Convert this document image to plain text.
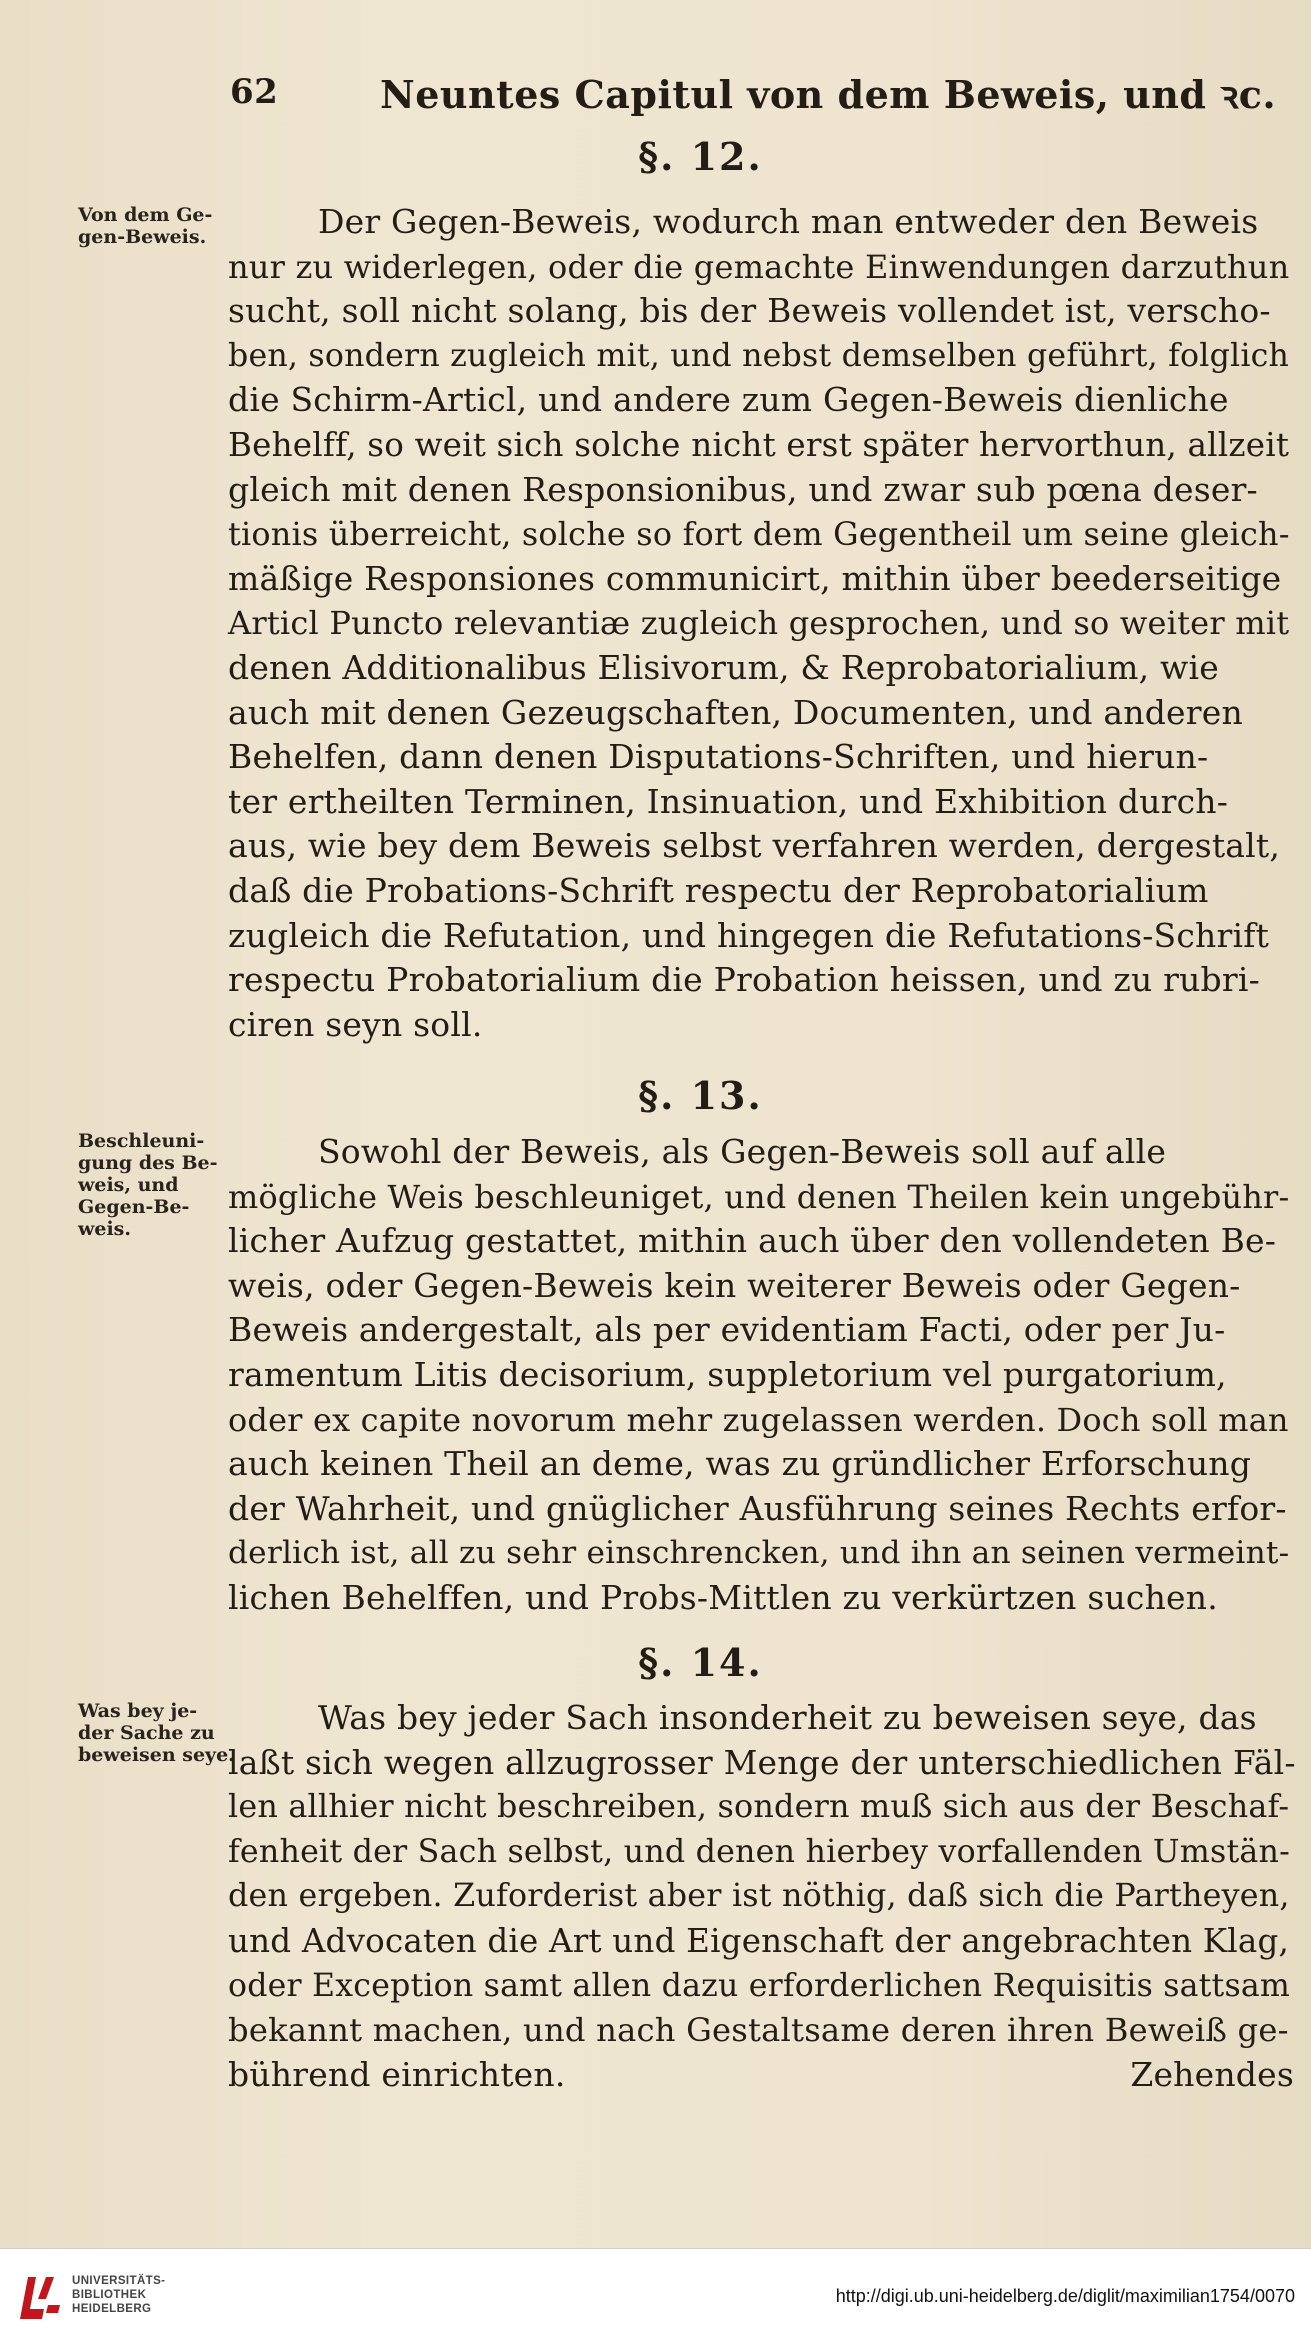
62	Neuntes Capitul von dem Beweis, und ꝛc.
§. 12.
Von dem Ge-
gen-Beweis.	Der Gegen-Beweis, wodurch man entweder den Beweis
nur zu widerlegen, oder die gemachte Einwendungen darzuthun
sucht, soll nicht solang, bis der Beweis vollendet ist, verscho-
ben, sondern zugleich mit, und nebst demselben geführt, folglich
die Schirm-Articl, und andere zum Gegen-Beweis dienliche
Behelff, so weit sich solche nicht erst später hervorthun, allzeit
gleich mit denen Responsionibus, und zwar sub pœna deser-
tionis überreicht, solche so fort dem Gegentheil um seine gleich-
mäßige Responsiones communicirt, mithin über beederseitige
Articl Puncto relevantiæ zugleich gesprochen, und so weiter mit
denen Additionalibus Elisivorum, & Reprobatorialium, wie
auch mit denen Gezeugschaften, Documenten, und anderen
Behelfen, dann denen Disputations-Schriften, und hierun-
ter ertheilten Terminen, Insinuation, und Exhibition durch-
aus, wie bey dem Beweis selbst verfahren werden, dergestalt,
daß die Probations-Schrift respectu der Reprobatorialium
zugleich die Refutation, und hingegen die Refutations-Schrift
respectu Probatorialium die Probation heissen, und zu rubri-
ciren seyn soll.
§. 13.
Beschleuni-
gung des Be-
weis, und
Gegen-Be-
weis.
Sowohl der Beweis, als Gegen-Beweis soll auf alle
mögliche Weis beschleuniget, und denen Theilen kein ungebühr-
licher Aufzug gestattet, mithin auch über den vollendeten Be-
weis, oder Gegen-Beweis kein weiterer Beweis oder Gegen-
Beweis andergestalt, als per evidentiam Facti, oder per Ju-
ramentum Litis decisorium, suppletorium vel purgatorium,
oder ex capite novorum mehr zugelassen werden. Doch soll man
auch keinen Theil an deme, was zu gründlicher Erforschung
der Wahrheit, und gnüglicher Ausführung seines Rechts erfor-
derlich ist, all zu sehr einschrencken, und ihn an seinen vermeint-
lichen Behelffen, und Probs-Mittlen zu verkürtzen suchen.
§. 14.
Was bey je-
der Sache zu
beweisen seye.
Was bey jeder Sach insonderheit zu beweisen seye, das
laßt sich wegen allzugrosser Menge der unterschiedlichen Fäl-
len allhier nicht beschreiben, sondern muß sich aus der Beschaf-
fenheit der Sach selbst, und denen hierbey vorfallenden Umstän-
den ergeben. Zuforderist aber ist nöthig, daß sich die Partheyen,
und Advocaten die Art und Eigenschaft der angebrachten Klag,
oder Exception samt allen dazu erforderlichen Requisitis sattsam
bekannt machen, und nach Gestaltsame deren ihren Beweiß ge-
bührend einrichten.	Zehendes
UNIVERSITÄTS-
BIBLIOTHEK
HEIDELBERG
http://digi.ub.uni-heidelberg.de/diglit/maximilian1754/0070
